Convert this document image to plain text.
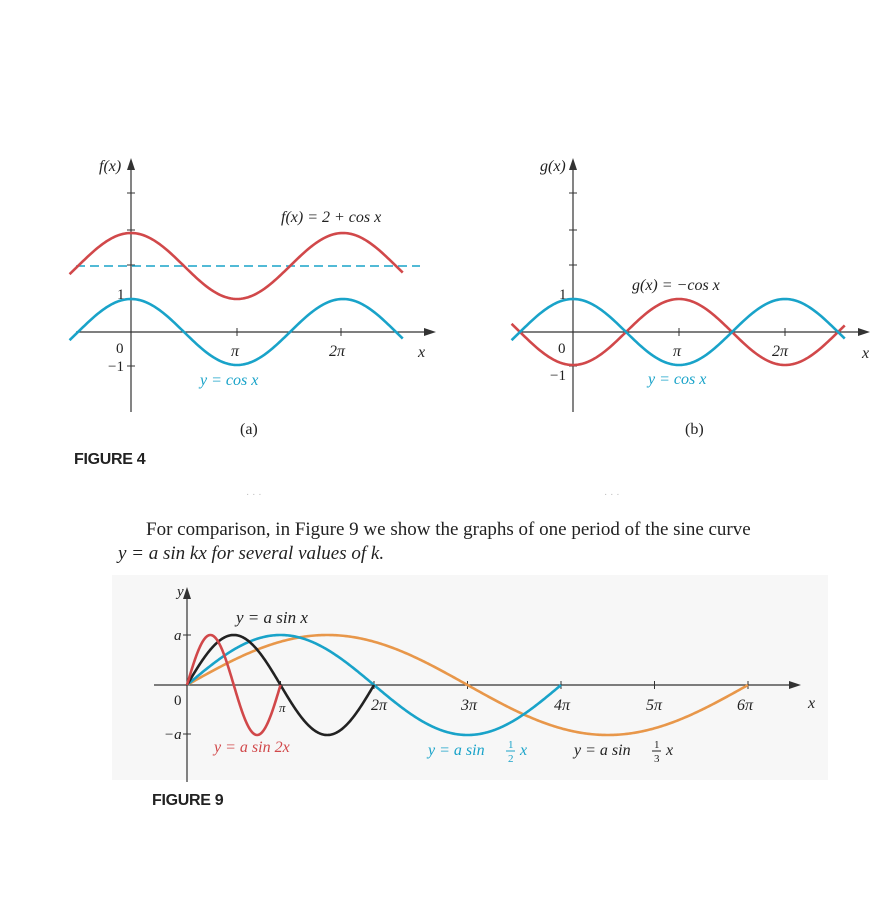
f(x)
x
1
0
−1
π	2π
f(x) = 2 + cos x
y = cos x
(a)
g(x)
x
1
0
−1
π	2π
g(x) = −cos x
y = cos x
(b)
· · ·	· · ·
y
x
a
0
−a
π	2π	3π	4π	5π	6π
y = a sin x
y = a sin 2x	y = a sin 1
2 x	y = a sin 1
3 x
FIGURE 4
For comparison, in Figure 9 we show the graphs of one period of the sine curve
y = a sin kx for several values of k.
FIGURE 9
